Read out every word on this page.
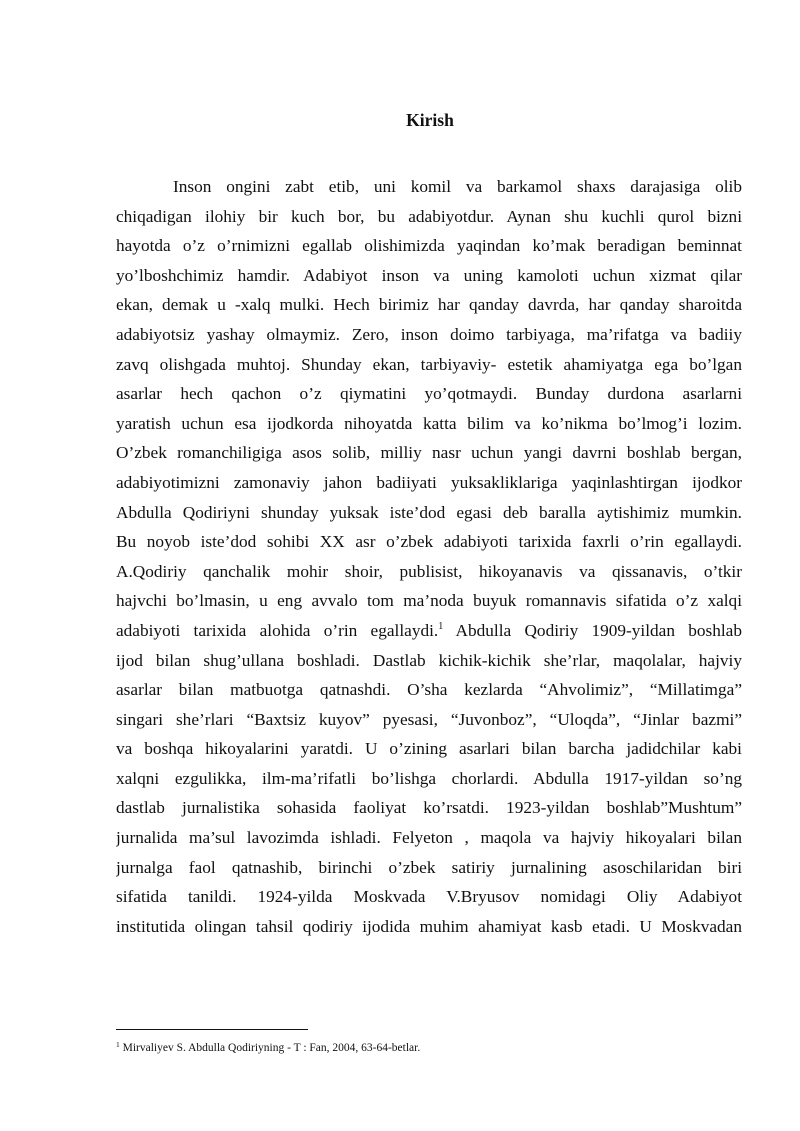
Kirish
Inson ongini zabt etib, uni komil va barkamol shaxs darajasiga olib
chiqadigan ilohiy bir kuch bor, bu adabiyotdur. Aynan shu kuchli qurol bizni
hayotda o’z o’rnimizni egallab olishimizda yaqindan ko’mak beradigan beminnat
yo’lboshchimiz hamdir. Adabiyot inson va uning kamoloti uchun xizmat qilar
ekan, demak u -xalq mulki. Hech birimiz har qanday davrda, har qanday sharoitda
adabiyotsiz yashay olmaymiz. Zero, inson doimo tarbiyaga, ma’rifatga va badiiy
zavq olishgada muhtoj. Shunday ekan, tarbiyaviy- estetik ahamiyatga ega bo’lgan
asarlar hech qachon o’z qiymatini yo’qotmaydi. Bunday durdona asarlarni
yaratish uchun esa ijodkorda nihoyatda katta bilim va ko’nikma bo’lmog’i lozim.
O’zbek romanchiligiga asos solib, milliy nasr uchun yangi davrni boshlab bergan,
adabiyotimizni zamonaviy jahon badiiyati yuksakliklariga yaqinlashtirgan ijodkor
Abdulla Qodiriyni shunday yuksak iste’dod egasi deb baralla aytishimiz mumkin.
Bu noyob iste’dod sohibi XX asr o’zbek adabiyoti tarixida faxrli o’rin egallaydi.
A.Qodiriy qanchalik mohir shoir, publisist, hikoyanavis va qissanavis, o’tkir
hajvchi bo’lmasin, u eng avvalo tom ma’noda buyuk romannavis sifatida o’z xalqi
adabiyoti tarixida alohida o’rin egallaydi.$^1$ Abdulla Qodiriy 1909-yildan boshlab
ijod bilan shug’ullana boshladi. Dastlab kichik-kichik she’rlar, maqolalar, hajviy
asarlar bilan matbuotga qatnashdi. O’sha kezlarda “Ahvolimiz”, “Millatimga”
singari she’rlari “Baxtsiz kuyov” pyesasi, “Juvonboz”, “Uloqda”, “Jinlar bazmi”
va boshqa hikoyalarini yaratdi. U o’zining asarlari bilan barcha jadidchilar kabi
xalqni ezgulikka, ilm-ma’rifatli bo’lishga chorlardi. Abdulla 1917-yildan so’ng
dastlab jurnalistika sohasida faoliyat ko’rsatdi. 1923-yildan boshlab”Mushtum”
jurnalida ma’sul lavozimda ishladi. Felyeton , maqola va hajviy hikoyalari bilan
jurnalga faol qatnashib, birinchi o’zbek satiriy jurnalining asoschilaridan biri
sifatida tanildi. 1924-yilda Moskvada V.Bryusov nomidagi Oliy Adabiyot
institutida olingan tahsil qodiriy ijodida muhim ahamiyat kasb etadi. U Moskvadan

$^1$ Mirvaliyev S. Abdulla Qodiriyning - T : Fan, 2004, 63-64-betlar.
